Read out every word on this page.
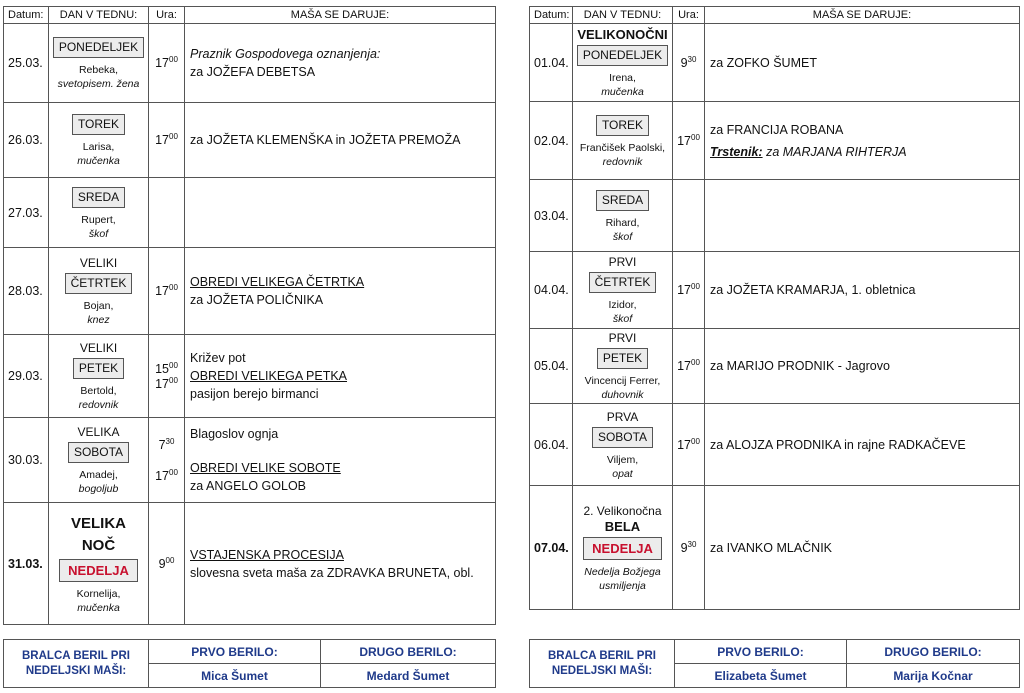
Datum:	DAN V TEDNU:	Ura:	MAŠA SE DARUJE:
25.03.	PONEDELJEK
Rebeka,
svetopisem. žena	$17^{00}$	Praznik Gospodovega oznanjenja:
za JOŽEFA DEBETSA

26.03.	TOREK
Larisa,
mučenka	$17^{00}$	za JOŽETA KLEMENŠKA in JOŽETA PREMOŽA

27.03.	SREDA
Rupert,
škof		

28.03.	VELIKI
ČETRTEK
Bojan,
knez	$17^{00}$	OBREDI VELIKEGA ČETRTKA
za JOŽETA POLIČNIKA

29.03.	VELIKI
PETEK
Bertold,
redovnik	$15^{00}$
$17^{00}$	Križev pot
OBREDI VELIKEGA PETKA
pasijon berejo birmanci

30.03.	VELIKA
SOBOTA
Amadej,
bogoljub	$7^{30}$
$17^{00}$	Blagoslov ognja
OBREDI VELIKE SOBOTE
za ANGELO GOLOB

31.03.	VELIKA
NOČ
NEDELJA
Kornelija,
mučenka	$9^{00}$	VSTAJENSKA PROCESIJA
slovesna sveta maša za ZDRAVKA BRUNETA, obl.
Datum:	DAN V TEDNU:	Ura:	MAŠA SE DARUJE:
01.04.	VELIKONOČNI
PONEDELJEK
Irena,
mučenka	$9^{30}$	za ZOFKO ŠUMET

02.04.	TOREK
Frančišek Paolski,
redovnik	$17^{00}$	za FRANCIJA ROBANA
Trstenik: za MARJANA RIHTERJA

03.04.	SREDA
Rihard,
škof		

04.04.	PRVI
ČETRTEK
Izidor,
škof	$17^{00}$	za JOŽETA KRAMARJA, 1. obletnica

05.04.	PRVI
PETEK
Vincencij Ferrer,
duhovnik	$17^{00}$	za MARIJO PRODNIK - Jagrovo

06.04.	PRVA
SOBOTA
Viljem,
opat	$17^{00}$	za ALOJZA PRODNIKA in rajne RADKAČEVE

07.04.	2. Velikonočna
BELA
NEDELJA
Nedelja Božjega
usmiljenja	$9^{30}$	za IVANKO MLAČNIK
BRALCA BERIL PRI
NEDELJSKI MAŠI:	PRVO BERILO:	DRUGO BERILO:
	Mica Šumet	Medard Šumet
BRALCA BERIL PRI
NEDELJSKI MAŠI:	PRVO BERILO:	DRUGO BERILO:
	Elizabeta Šumet	Marija Kočnar
